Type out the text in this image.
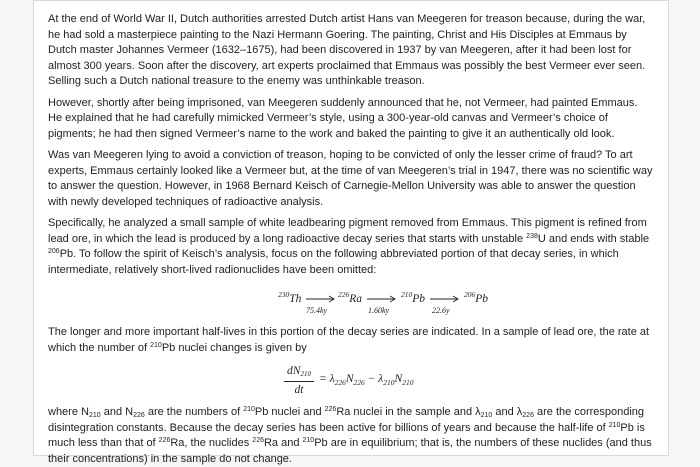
At the end of World War II, Dutch authorities arrested Dutch artist Hans van Meegeren for treason because, during the war, he had sold a masterpiece painting to the Nazi Hermann Goering. The painting, Christ and His Disciples at Emmaus by Dutch master Johannes Vermeer (1632–1675), had been discovered in 1937 by van Meegeren, after it had been lost for almost 300 years. Soon after the discovery, art experts proclaimed that Emmaus was possibly the best Vermeer ever seen. Selling such a Dutch national treasure to the enemy was unthinkable treason.

However, shortly after being imprisoned, van Meegeren suddenly announced that he, not Vermeer, had painted Emmaus. He explained that he had carefully mimicked Vermeer’s style, using a 300-year-old canvas and Vermeer’s choice of pigments; he had then signed Vermeer’s name to the work and baked the painting to give it an authentically old look.

Was van Meegeren lying to avoid a conviction of treason, hoping to be convicted of only the lesser crime of fraud? To art experts, Emmaus certainly looked like a Vermeer but, at the time of van Meegeren’s trial in 1947, there was no scientific way to answer the question. However, in 1968 Bernard Keisch of Carnegie-Mellon University was able to answer the question with newly developed techniques of radioactive analysis.

Specifically, he analyzed a small sample of white leadbearing pigment removed from Emmaus. This pigment is refined from lead ore, in which the lead is produced by a long radioactive decay series that starts with unstable $^{238}$U and ends with stable $^{206}$Pb. To follow the spirit of Keisch’s analysis, focus on the following abbreviated portion of that decay series, in which intermediate, relatively short-lived radionuclides have been omitted:

$^{230}$Th
75.4ky
$^{226}$Ra
1.60ky
$^{210}$Pb
22.6y
$^{206}$Pb

The longer and more important half-lives in this portion of the decay series are indicated. In a sample of lead ore, the rate at which the number of $^{210}$Pb nuclei changes is given by

$\frac{dN_{210}}{dt} = \lambda_{226}N_{226} - \lambda_{210}N_{210}$

where $N_{210}$ and $N_{226}$ are the numbers of $^{210}$Pb nuclei and $^{226}$Ra nuclei in the sample and $\lambda_{210}$ and $\lambda_{226}$ are the corresponding disintegration constants. Because the decay series has been active for billions of years and because the half-life of $^{210}$Pb is much less than that of $^{226}$Ra, the nuclides $^{226}$Ra and $^{210}$Pb are in equilibrium; that is, the numbers of these nuclides (and thus their concentrations) in the sample do not change.
